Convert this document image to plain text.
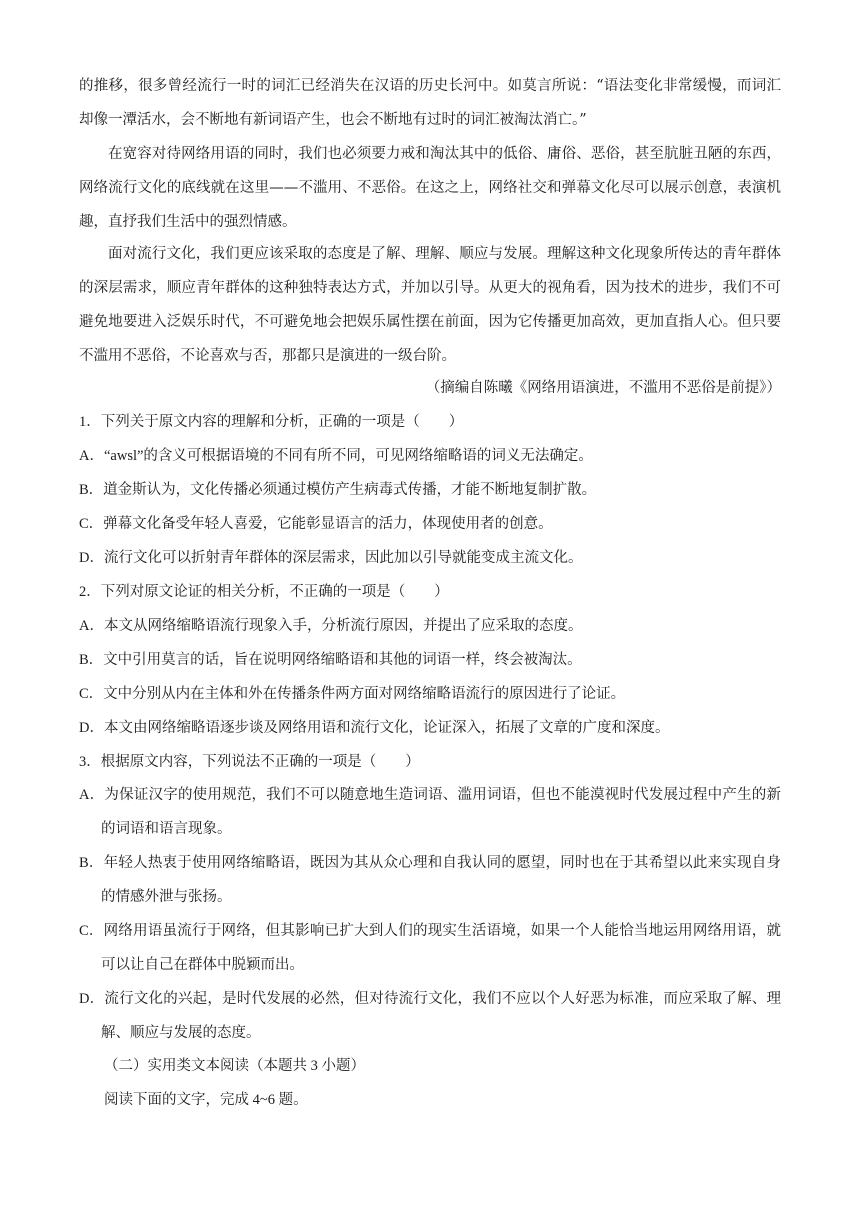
的推移，很多曾经流行一时的词汇已经消失在汉语的历史长河中。如莫言所说：“语法变化非常缓慢，而词汇却像一潭活水，会不断地有新词语产生，也会不断地有过时的词汇被淘汰消亡。”
在宽容对待网络用语的同时，我们也必须要力戒和淘汰其中的低俗、庸俗、恶俗，甚至肮脏丑陋的东西，网络流行文化的底线就在这里——不滥用、不恶俗。在这之上，网络社交和弹幕文化尽可以展示创意，表演机趣，直抒我们生活中的强烈情感。
面对流行文化，我们更应该采取的态度是了解、理解、顺应与发展。理解这种文化现象所传达的青年群体的深层需求，顺应青年群体的这种独特表达方式，并加以引导。从更大的视角看，因为技术的进步，我们不可避免地要进入泛娱乐时代，不可避免地会把娱乐属性摆在前面，因为它传播更加高效，更加直指人心。但只要不滥用不恶俗，不论喜欢与否，那都只是演进的一级台阶。
（摘编自陈曦《网络用语演进，不滥用不恶俗是前提》）
1．下列关于原文内容的理解和分析，正确的一项是（　　）
A．“awsl”的含义可根据语境的不同有所不同，可见网络缩略语的词义无法确定。
B．道金斯认为，文化传播必须通过模仿产生病毒式传播，才能不断地复制扩散。
C．弹幕文化备受年轻人喜爱，它能彰显语言的活力，体现使用者的创意。
D．流行文化可以折射青年群体的深层需求，因此加以引导就能变成主流文化。
2．下列对原文论证的相关分析，不正确的一项是（　　）
A．本文从网络缩略语流行现象入手，分析流行原因，并提出了应采取的态度。
B．文中引用莫言的话，旨在说明网络缩略语和其他的词语一样，终会被淘汰。
C．文中分别从内在主体和外在传播条件两方面对网络缩略语流行的原因进行了论证。
D．本文由网络缩略语逐步谈及网络用语和流行文化，论证深入，拓展了文章的广度和深度。
3．根据原文内容，下列说法不正确的一项是（　　）
A．为保证汉字的使用规范，我们不可以随意地生造词语、滥用词语，但也不能漠视时代发展过程中产生的新的词语和语言现象。
B．年轻人热衷于使用网络缩略语，既因为其从众心理和自我认同的愿望，同时也在于其希望以此来实现自身的情感外泄与张扬。
C．网络用语虽流行于网络，但其影响已扩大到人们的现实生活语境，如果一个人能恰当地运用网络用语，就可以让自己在群体中脱颖而出。
D．流行文化的兴起，是时代发展的必然，但对待流行文化，我们不应以个人好恶为标准，而应采取了解、理解、顺应与发展的态度。
（二）实用类文本阅读（本题共 3 小题）
阅读下面的文字，完成 4~6 题。
